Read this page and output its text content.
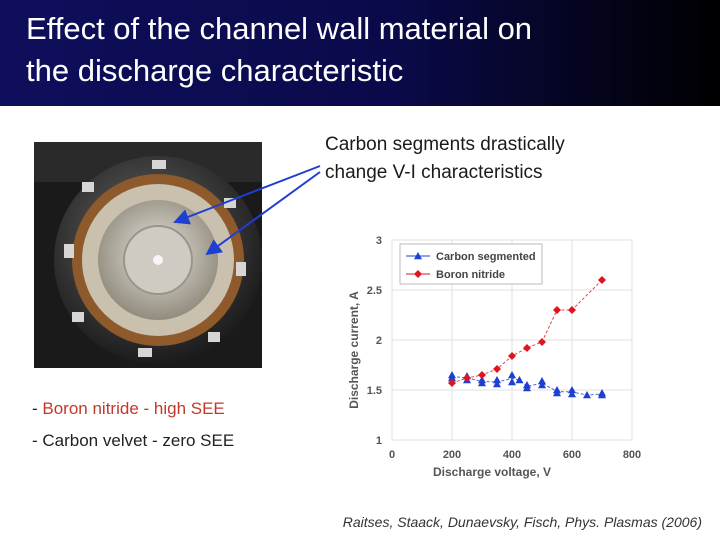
Effect of the channel wall material on
the discharge characteristic
Carbon segments drastically
change V-I characteristics
- Boron nitride - high SEE
- Carbon velvet - zero SEE
0	200	400	600	800
1
1.5
2
2.5
3
Discharge voltage, V
Discharge current, A
Carbon segmented
Boron nitride
Raitses, Staack, Dunaevsky, Fisch, Phys. Plasmas (2006)
